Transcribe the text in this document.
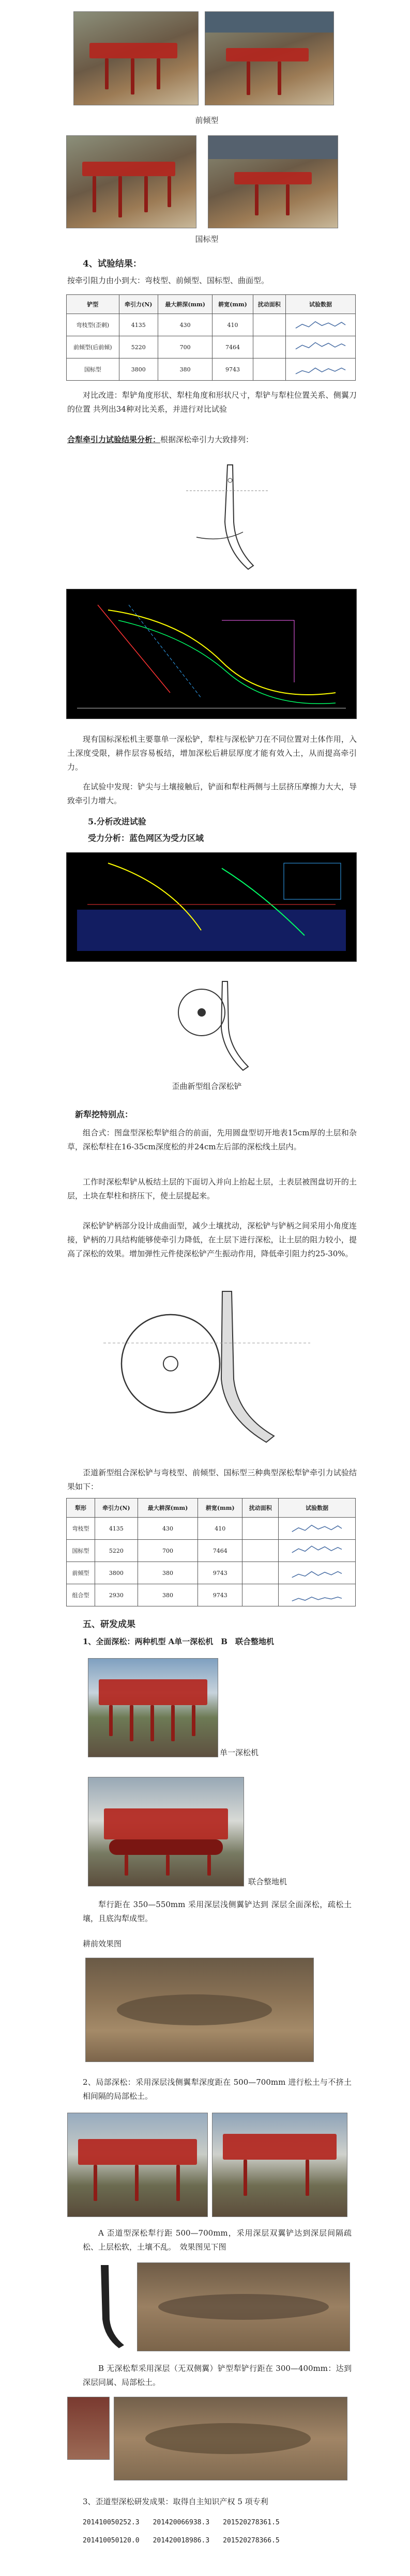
前倾型
国标型
4、试验结果：
按牵引阻力由小到大：弯枝型、前倾型、国标型、曲面型。
铲型	牵引力(N)	最大耕深(mm)	耕宽(mm)	扰动面积	试验数据
弯枝型(歪刺)	4135	430	410		

前倾型(后前倾)	5220	700	7464		

国标型	3800	380	9743		
对比改进：犁铲角度形状、犁柱角度和形状尺寸，犁铲与犁柱位置关系、侧翼刀的位置 共列出34种对比关系，并进行对比试验
合犁牵引力试验结果分析：根据深松牵引力大致排列：
现有国标深松机主要靠单一深松铲，犁柱与深松铲刀在不同位置对土体作用，入土深度受限，耕作层容易板结，增加深松后耕层厚度才能有效入土，从而提高牵引力。
在试验中发现：铲尖与土壤接触后，铲面和犁柱两侧与土层挤压摩擦力大大，导致牵引力增大。
5.分析改进试验
受力分析：蓝色网区为受力区域
歪曲新型组合深松铲
新犁挖特别点：
组合式：图盘型深松犁铲组合的前面，先用圆盘型切开地表15cm厚的土层和杂草，深松犁柱在16-35cm深度松的并24cm左后部的深松线土层内。
工作时深松犁铲从板结土层的下面切入并向上抬起土层，土表层被图盘切开的土层，土块在犁柱和挤压下，使土层提起来。
深松铲铲柄部分设计成曲面型，减少土壤扰动，深松铲与铲柄之间采用小角度连接，铲柄的刀具结构能够使牵引力降低，在土层下进行深松，让土层的阻力较小，提高了深松的效果。增加弹性元件使深松铲产生振动作用，降低牵引阻力约25-30%。
歪道新型组合深松铲与弯枝型、前倾型、国标型三种典型深松犁铲牵引力试验结果如下：
犁形	牵引力(N)	最大耕深(mm)	耕宽(mm)	扰动面积	试验数据
弯枝型	4135	430	410		

国标型	5220	700	7464		

前倾型	3800	380	9743		

组合型	2930	380	9743		
五、研发成果
1、全面深松：两种机型 A单一深松机　B　联合整地机
单一深松机
联合整地机
犁行距在 350—550mm 采用深层浅侧翼铲达到 深层全面深松，疏松土壤，且底沟犁成型。
耕前效果图
2、局部深松：采用深层浅侧翼犁深度距在 500—700mm 进行松土与不挤土相间隔的局部松土。
A 歪道型深松犁行距 500—700mm，采用深层双翼铲达到深层间隔疏松、上层松软，土壤不乱。　效果图见下图
B 无深松犁采用深层（无双侧翼）铲型犁铲行距在 300—400mm：达到深层同属、局部松土。
3、歪道型深松研发成果：取得自主知识产权 5 项专利
201410050252.3　　201420066938.3　　201520278361.5
201410050120.0　　201420018986.3　　201520278366.5
